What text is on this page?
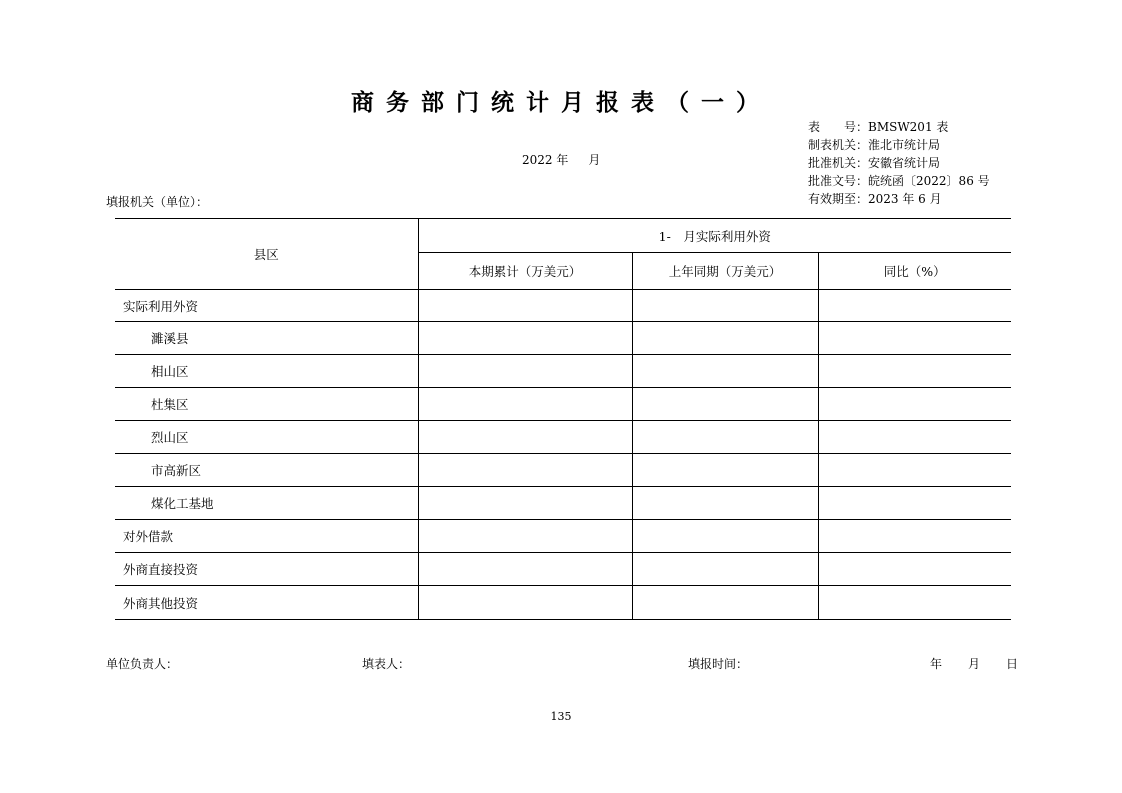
商务部门统计月报表（一）
表　　号：BMSW201 表
制表机关：淮北市统计局
批准机关：安徽省统计局
批准文号：皖统函〔2022〕86 号
有效期至：2023 年 6 月
2022 年 月
填报机关（单位）：
县区	1-　月实际利用外资		
	本期累计（万美元）	上年同期（万美元）	同比（%）
实际利用外资			
濉溪县			
相山区			
杜集区			
烈山区			
市高新区			
煤化工基地			
对外借款			
外商直接投资			
外商其他投资			
单位负责人：	填表人：	填报时间：	年 月 日
135
